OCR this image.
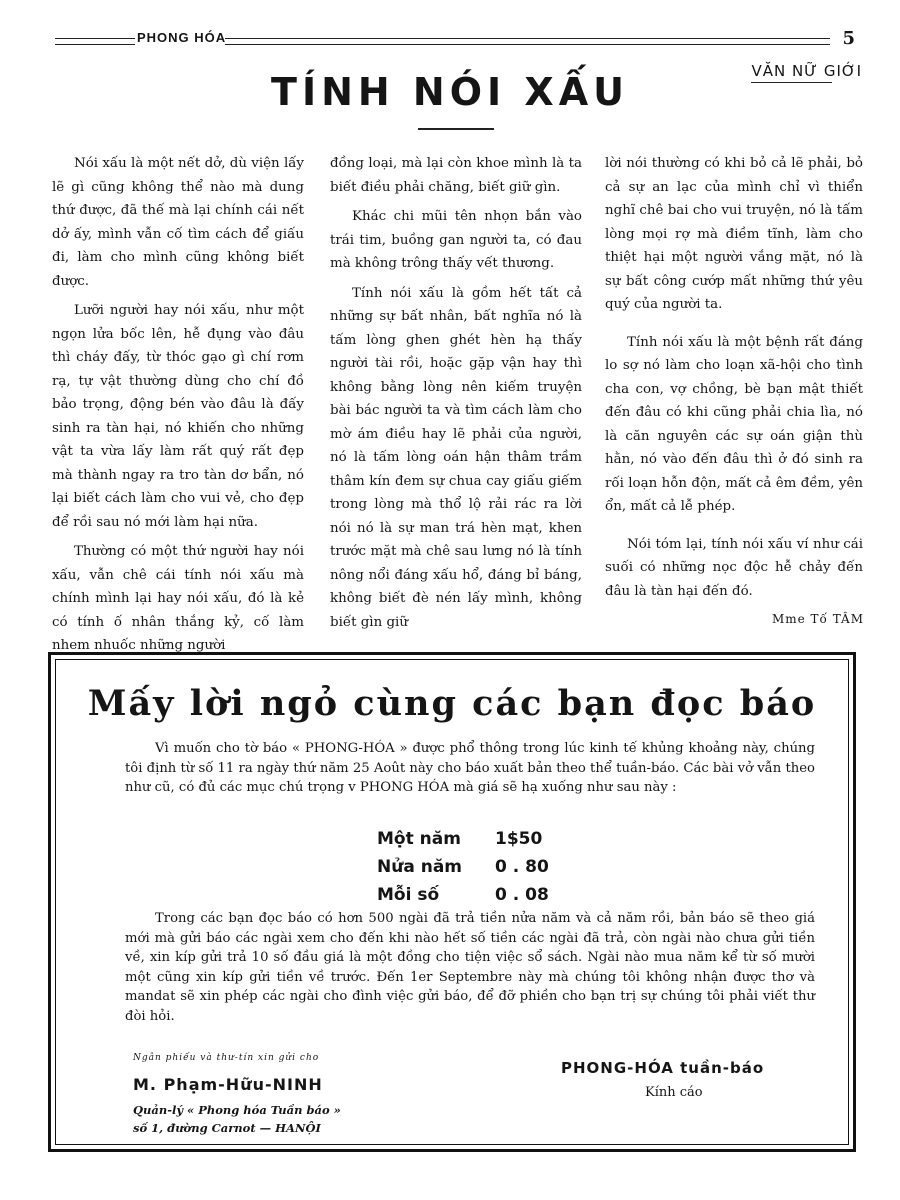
PHONG HÓA	5
VĂN NỮ GIỚI
TÍNH NÓI XẤU

Nói xấu là một nết dở, dù viện lấy lẽ gì cũng không thể nào mà dung thứ được, đã thế mà lại chính cái nết dở ấy, mình vẫn cố tìm cách để giấu đi, làm cho mình cũng không biết được.

Lưỡi người hay nói xấu, như một ngọn lửa bốc lên, hễ đụng vào đâu thì cháy đấy, từ thóc gạo gì chí rơm rạ, tự vật thường dùng cho chí đồ bảo trọng, động bén vào đâu là đấy sinh ra tàn hại, nó khiến cho những vật ta vừa lấy làm rất quý rất đẹp mà thành ngay ra tro tàn dơ bẩn, nó lại biết cách làm cho vui vẻ, cho đẹp để rồi sau nó mới làm hại nữa.

Thường có một thứ người hay nói xấu, vẫn chê cái tính nói xấu mà chính mình lại hay nói xấu, đó là kẻ có tính ố nhân thắng kỷ, cố làm nhem nhuốc những người

đồng loại, mà lại còn khoe mình là ta biết điều phải chăng, biết giữ gìn.

Khác chi mũi tên nhọn bắn vào trái tim, buồng gan người ta, có đau mà không trông thấy vết thương.

Tính nói xấu là gồm hết tất cả những sự bất nhân, bất nghĩa nó là tấm lòng ghen ghét hèn hạ thấy người tài rồi, hoặc gặp vận hay thì không bằng lòng nên kiếm truyện bài bác người ta và tìm cách làm cho mờ ám điều hay lẽ phải của người, nó là tấm lòng oán hận thâm trầm thâm kín đem sự chua cay giấu giếm trong lòng mà thổ lộ rải rác ra lời nói nó là sự man trá hèn mạt, khen trước mặt mà chê sau lưng nó là tính nông nổi đáng xấu hổ, đáng bỉ báng, không biết đè nén lấy mình, không biết gìn giữ

lời nói thường có khi bỏ cả lẽ phải, bỏ cả sự an lạc của mình chỉ vì thiển nghĩ chê bai cho vui truyện, nó là tấm lòng mọi rợ mà điềm tĩnh, làm cho thiệt hại một người vắng mặt, nó là sự bất công cướp mất những thứ yêu quý của người ta.

Tính nói xấu là một bệnh rất đáng lo sợ nó làm cho loạn xã-hội cho tình cha con, vợ chồng, bè bạn mật thiết đến đâu có khi cũng phải chia lìa, nó là căn nguyên các sự oán giận thù hằn, nó vào đến đâu thì ở đó sinh ra rối loạn hỗn độn, mất cả êm đềm, yên ổn, mất cả lễ phép.

Nói tóm lại, tính nói xấu ví như cái suối có những nọc độc hễ chảy đến đâu là tàn hại đến đó.

Mme Tố TÂM
Mấy lời ngỏ cùng các bạn đọc báo
Vì muốn cho tờ báo « PHONG-HÓA » được phổ thông trong lúc kinh tế khủng khoảng này, chúng tôi định từ số 11 ra ngày thứ năm 25 Août này cho báo xuất bản theo thể tuần-báo. Các bài vở vẫn theo như cũ, có đủ các mục chú trọng v PHONG HÓA mà giá sẽ hạ xuống như sau này :
Một năm	1$50
Nửa năm	0 . 80
Mỗi số	0 . 08
Trong các bạn đọc báo có hơn 500 ngài đã trả tiền nửa năm và cả năm rồi, bản báo sẽ theo giá mới mà gửi báo các ngài xem cho đến khi nào hết số tiền các ngài đã trả, còn ngài nào chưa gửi tiền về, xin kíp gửi trả 10 số đầu giá là một đồng cho tiện việc sổ sách. Ngài nào mua năm kể từ số mười một cũng xin kíp gửi tiền về trước. Đến 1er Septembre này mà chúng tôi không nhận được thơ và mandat sẽ xin phép các ngài cho đình việc gửi báo, để đỡ phiền cho bạn trị sự chúng tôi phải viết thư đòi hỏi.
Ngân phiếu và thư-tín xin gửi cho
M. Phạm-Hữu-NINH
Quản-lý « Phong hóa Tuần báo »
số 1, đường Carnot — HANỘI
PHONG-HÓA tuần-báo
Kính cáo
